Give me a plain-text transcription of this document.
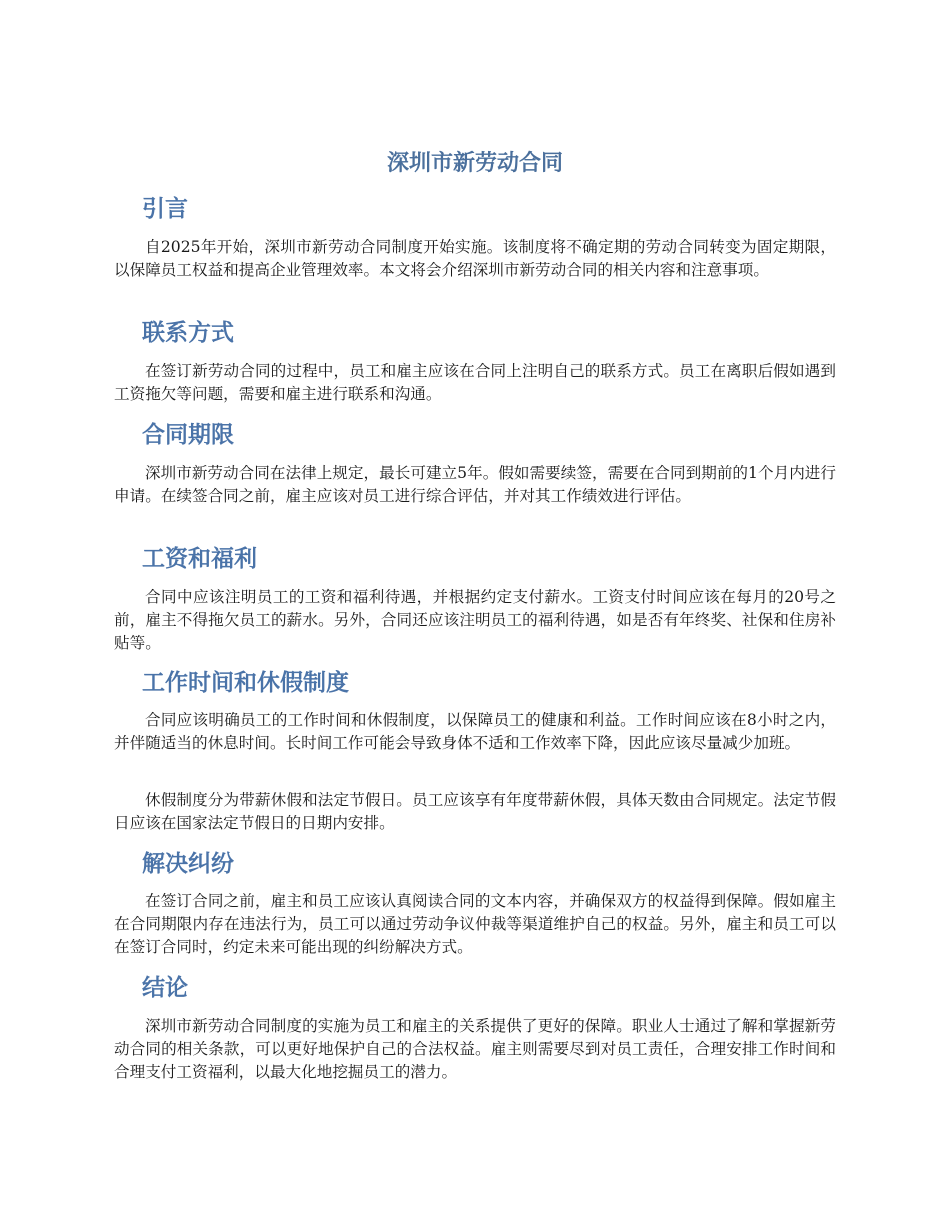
深圳市新劳动合同
引言

自2025年开始，深圳市新劳动合同制度开始实施。该制度将不确定期的劳动合同转变为固定期限，以保障员工权益和提高企业管理效率。本文将会介绍深圳市新劳动合同的相关内容和注意事项。

联系方式

在签订新劳动合同的过程中，员工和雇主应该在合同上注明自己的联系方式。员工在离职后假如遇到工资拖欠等问题，需要和雇主进行联系和沟通。

合同期限

深圳市新劳动合同在法律上规定，最长可建立5年。假如需要续签，需要在合同到期前的1个月内进行申请。在续签合同之前，雇主应该对员工进行综合评估，并对其工作绩效进行评估。

工资和福利

合同中应该注明员工的工资和福利待遇，并根据约定支付薪水。工资支付时间应该在每月的20号之前，雇主不得拖欠员工的薪水。另外，合同还应该注明员工的福利待遇，如是否有年终奖、社保和住房补贴等。

工作时间和休假制度

合同应该明确员工的工作时间和休假制度，以保障员工的健康和利益。工作时间应该在8小时之内，并伴随适当的休息时间。长时间工作可能会导致身体不适和工作效率下降，因此应该尽量减少加班。

休假制度分为带薪休假和法定节假日。员工应该享有年度带薪休假，具体天数由合同规定。法定节假日应该在国家法定节假日的日期内安排。

解决纠纷

在签订合同之前，雇主和员工应该认真阅读合同的文本内容，并确保双方的权益得到保障。假如雇主在合同期限内存在违法行为，员工可以通过劳动争议仲裁等渠道维护自己的权益。另外，雇主和员工可以在签订合同时，约定未来可能出现的纠纷解决方式。

结论

深圳市新劳动合同制度的实施为员工和雇主的关系提供了更好的保障。职业人士通过了解和掌握新劳动合同的相关条款，可以更好地保护自己的合法权益。雇主则需要尽到对员工责任，合理安排工作时间和合理支付工资福利，以最大化地挖掘员工的潜力。
